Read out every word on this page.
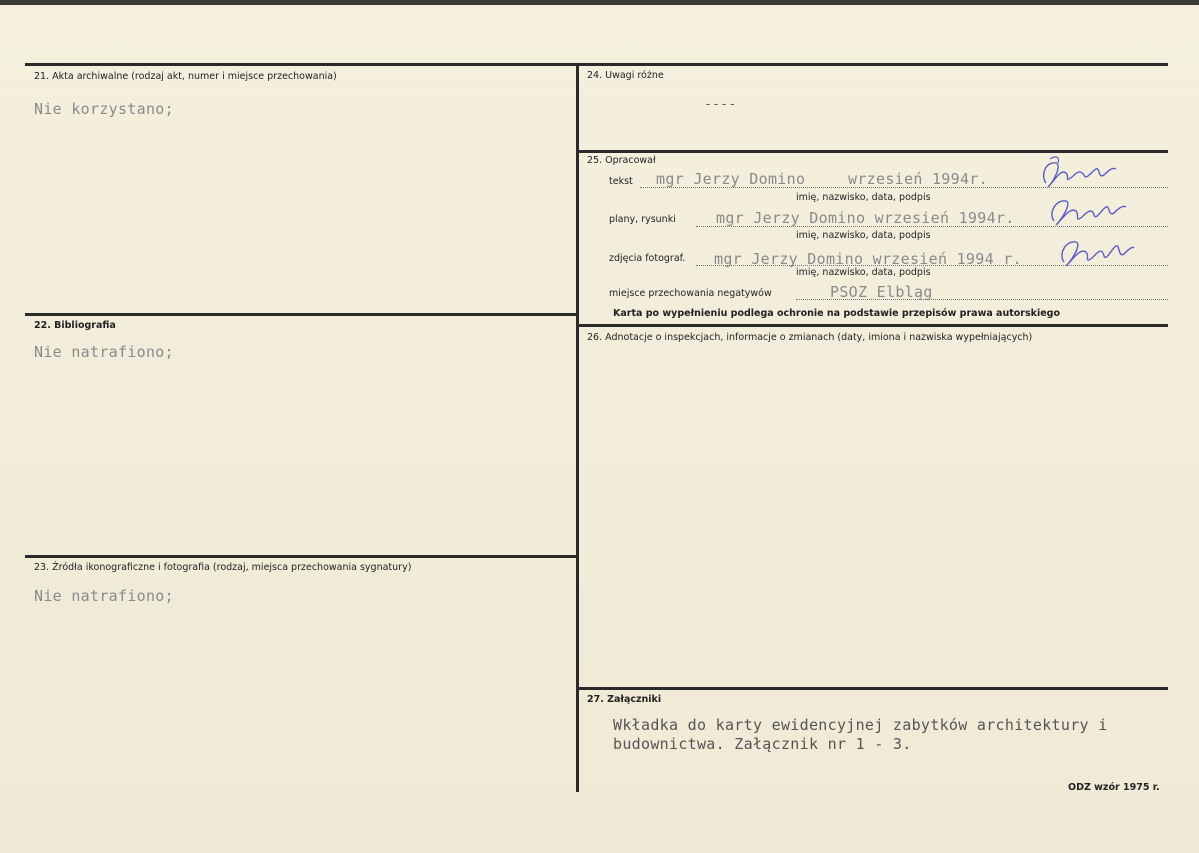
21. Akta archiwalne (rodzaj akt, numer i miejsce przechowania)
Nie korzystano;
22. Bibliografia
Nie natrafiono;
23. Źródła ikonograficzne i fotografia (rodzaj, miejsca przechowania sygnatury)
Nie natrafiono;
24. Uwagi różne
----
25. Opracował
tekst mgr Jerzy Domino	wrzesień 1994r.
imię, nazwisko, data, podpis
plany, rysunki	mgr Jerzy Domino wrzesień 1994r.
imię, nazwisko, data, podpis
zdjęcia fotograf. mgr Jerzy Domino wrzesień 1994 r.
imię, nazwisko, data, podpis
miejsce przechowania negatywów	PSOZ Elbląg
Karta po wypełnieniu podlega ochronie na podstawie przepisów prawa autorskiego
26. Adnotacje o inspekcjach, informacje o zmianach (daty, imiona i nazwiska wypełniających)
27. Załączniki
Wkładka do karty ewidencyjnej zabytków architektury i
budownictwa. Załącznik nr 1 - 3.
ODZ wzór 1975 r.
